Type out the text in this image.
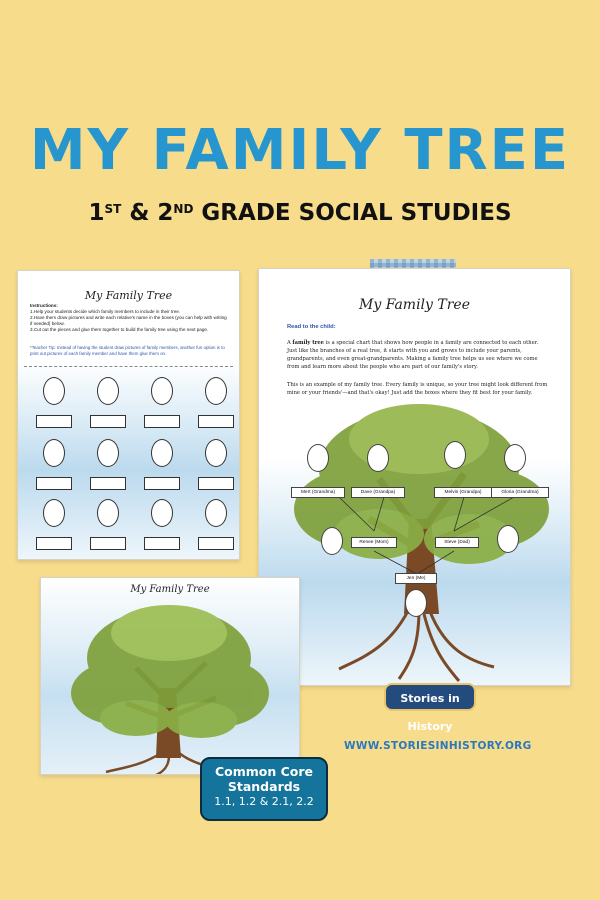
MY FAMILY TREE
1ST & 2ND GRADE SOCIAL STUDIES
My Family Tree
Instructions:
1.Help your students decide which family members to include in their tree.
2.Have them draw pictures and write each relative's name in the boxes (you can help with writing if needed) below.
3.Cut out the pieces and glue them together to build the family tree using the next page.
*Teacher Tip: Instead of having the student draw pictures of family members, another fun option is to print out pictures of each family member and have them glue them on.
My Family Tree
Read to the child:
A family tree is a special chart that shows how people in a family are connected to each other. Just like the branches of a real tree, it starts with you and grows to include your parents, grandparents, and even great-grandparents. Making a family tree helps us see where we come from and learn more about the people who are part of our family's story.
This is an example of my family tree. Every family is unique, so your tree might look different from mine or your friends'—and that's okay! Just add the boxes where they fit best for your family.
Mert (Grandma)	Dave (Grandpa)	Melvin (Grandpa)	Gloria (Grandma)
Renee (Mom)	Steve (Dad)
Jen (Me)
My Family Tree
Stories in History
WWW.STORIESINHISTORY.ORG
Common Core
Standards
1.1, 1.2 & 2.1, 2.2
